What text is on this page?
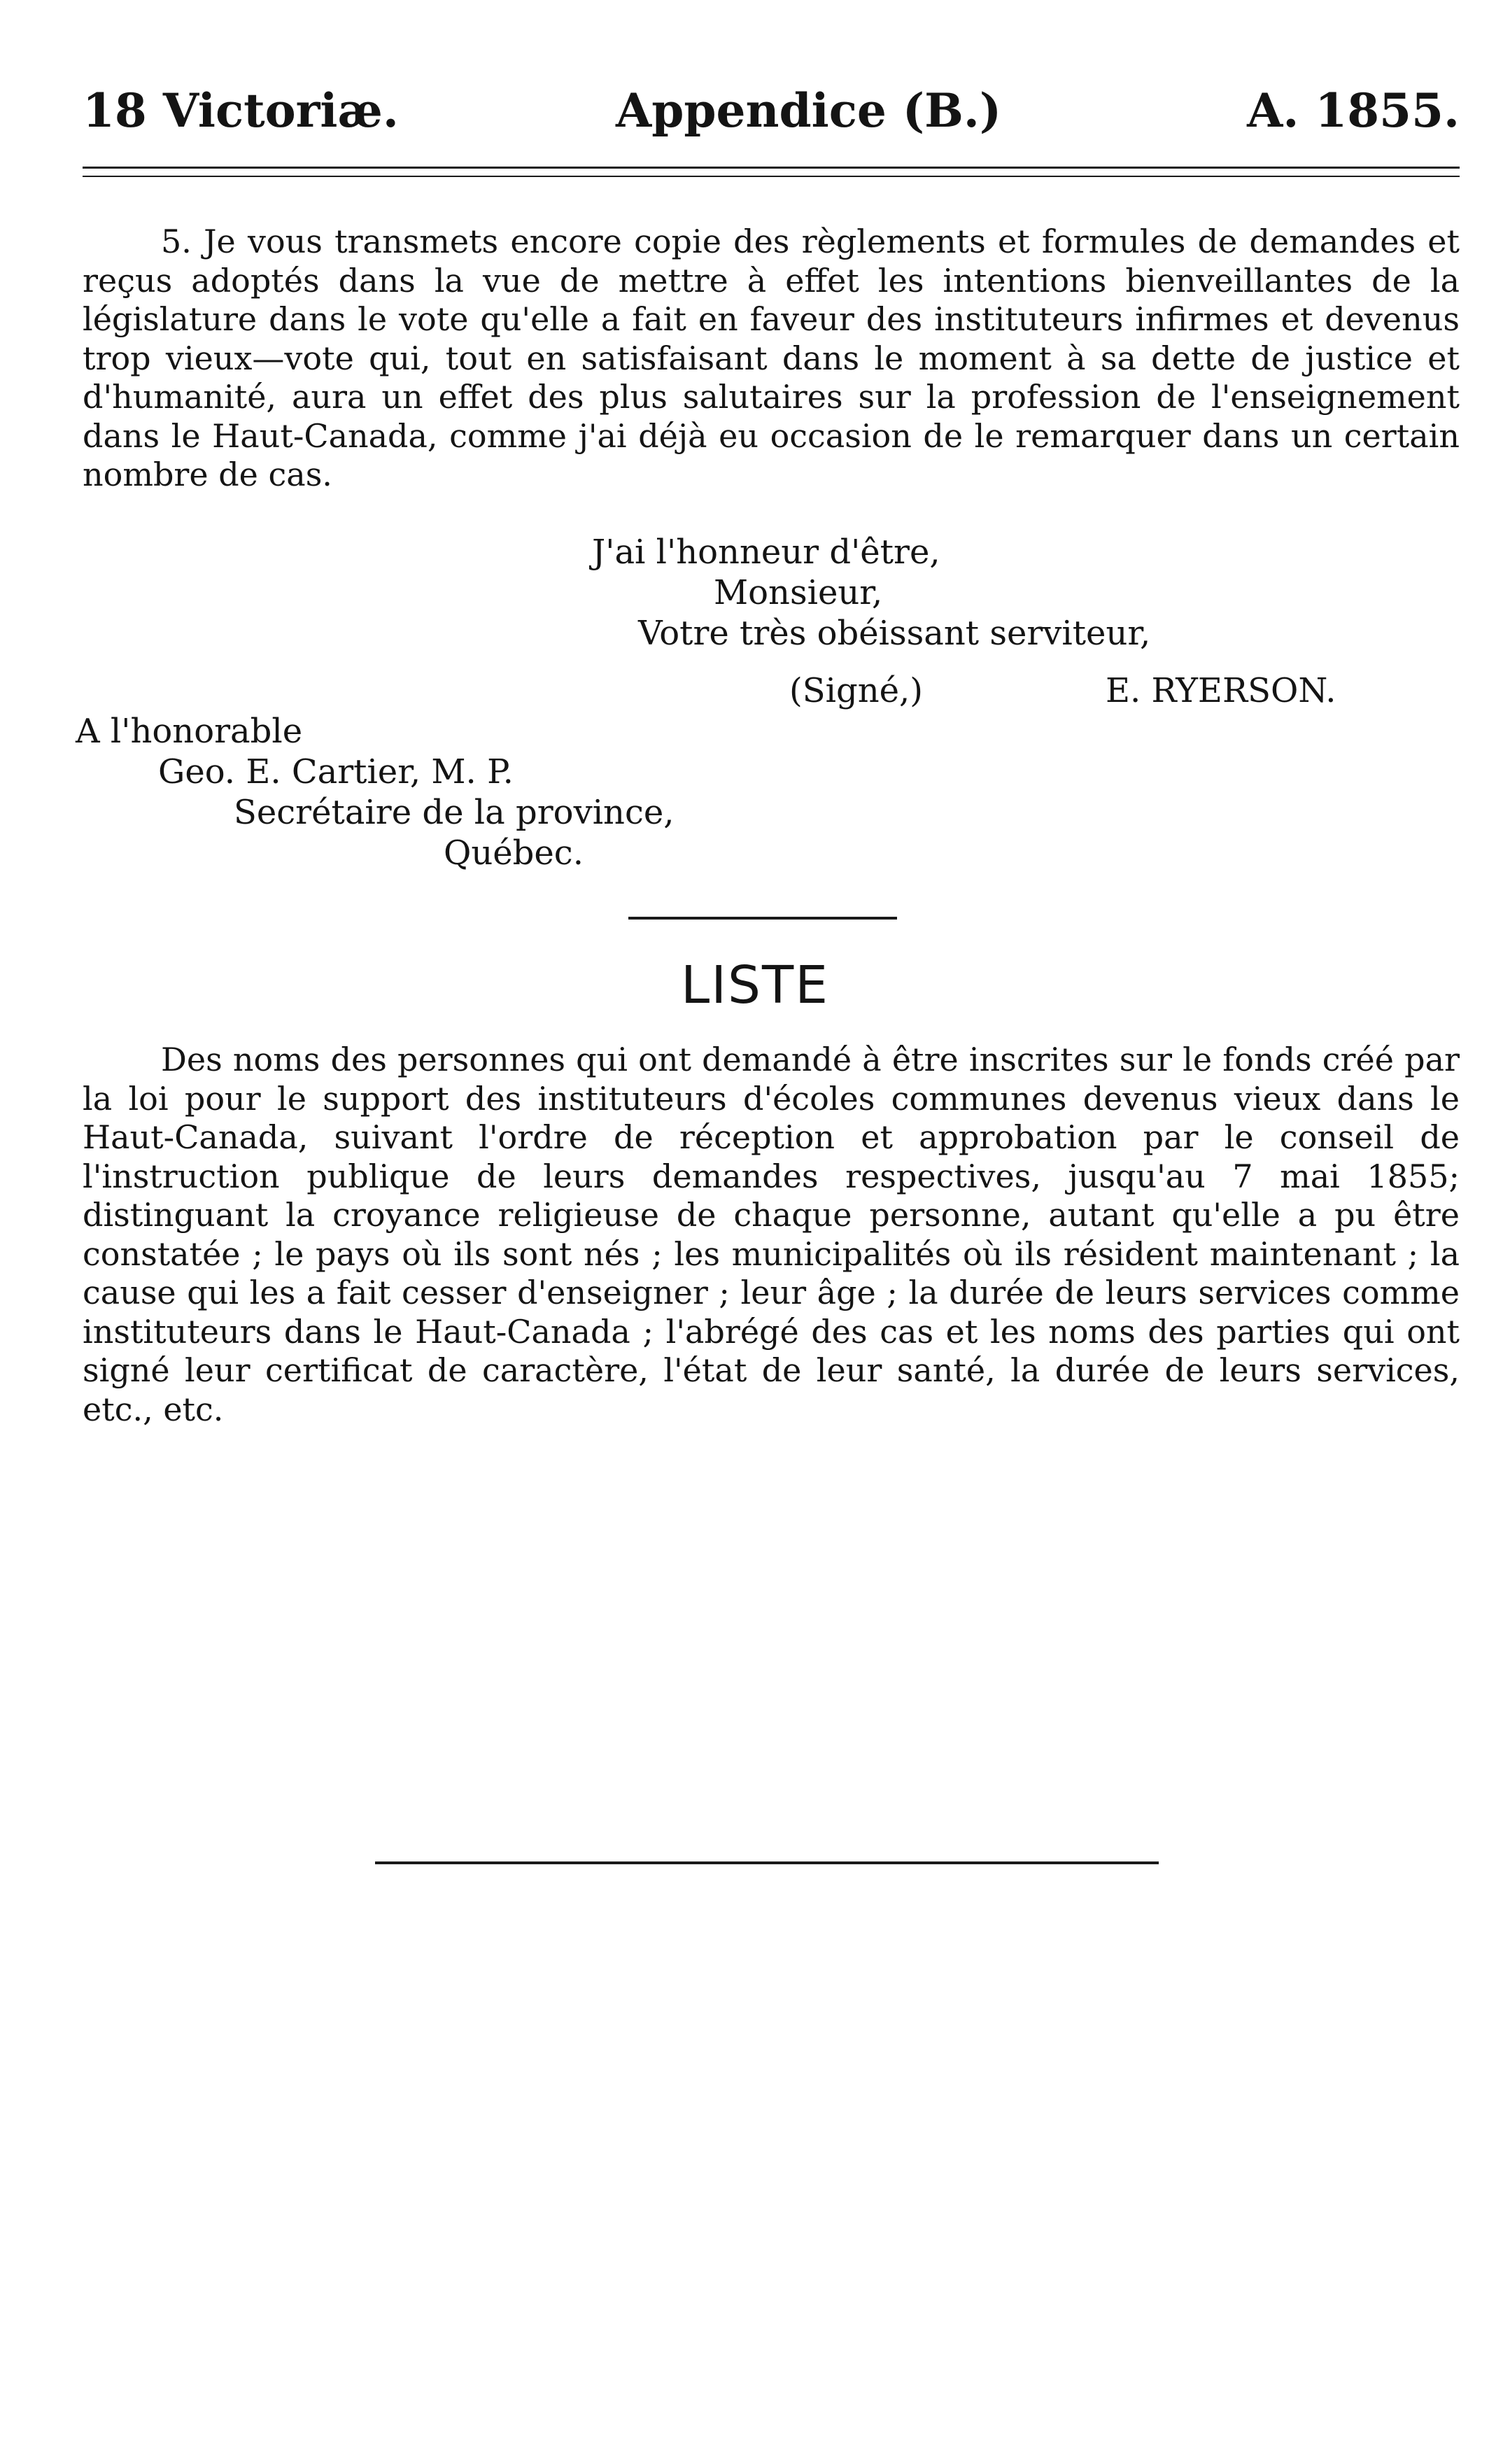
18 Victoriæ.	Appendice (B.)	A. 1855.

5. Je vous transmets encore copie des règlements et formules de demandes et reçus adoptés dans la vue de mettre à effet les intentions bienveillantes de la législature dans le vote qu'elle a fait en faveur des instituteurs infirmes et devenus trop vieux—vote qui, tout en satisfaisant dans le moment à sa dette de justice et d'humanité, aura un effet des plus salutaires sur la profession de l'enseignement dans le Haut-Canada, comme j'ai déjà eu occasion de le remarquer dans un certain nombre de cas.

J'ai l'honneur d'être,
Monsieur,
Votre très obéissant serviteur,
(Signé,)	E. RYERSON.
A l'honorable
Geo. E. Cartier, M. P.
Secrétaire de la province,
Québec.
LISTE

Des noms des personnes qui ont demandé à être inscrites sur le fonds créé par la loi pour le support des instituteurs d'écoles communes devenus vieux dans le Haut-Canada, suivant l'ordre de réception et approbation par le conseil de l'instruction publique de leurs demandes respectives, jusqu'au 7 mai 1855; distinguant la croyance religieuse de chaque personne, autant qu'elle a pu être constatée ; le pays où ils sont nés ; les municipalités où ils résident maintenant ; la cause qui les a fait cesser d'enseigner ; leur âge ; la durée de leurs services comme instituteurs dans le Haut-Canada ; l'abrégé des cas et les noms des parties qui ont signé leur certificat de caractère, l'état de leur santé, la durée de leurs services, etc., etc.
